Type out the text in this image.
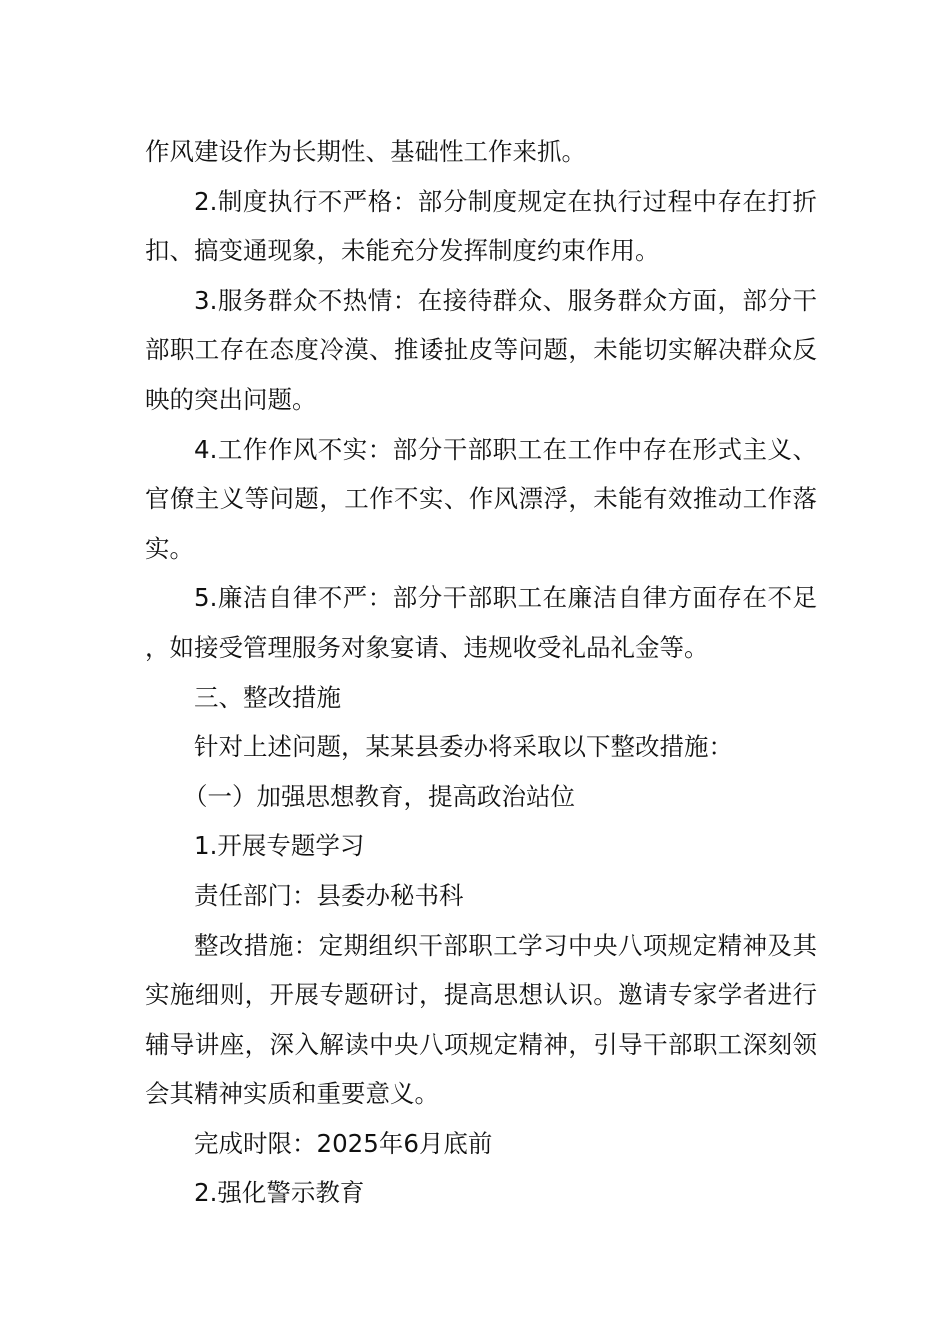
作风建设作为长期性、基础性工作来抓。

2.制度执行不严格：部分制度规定在执行过程中存在打折扣、搞变通现象，未能充分发挥制度约束作用。

3.服务群众不热情：在接待群众、服务群众方面，部分干部职工存在态度冷漠、推诿扯皮等问题，未能切实解决群众反映的突出问题。

4.工作作风不实：部分干部职工在工作中存在形式主义、官僚主义等问题，工作不实、作风漂浮，未能有效推动工作落实。

5.廉洁自律不严：部分干部职工在廉洁自律方面存在不足，如接受管理服务对象宴请、违规收受礼品礼金等。

三、整改措施

针对上述问题，某某县委办将采取以下整改措施：

（一）加强思想教育，提高政治站位

1.开展专题学习

责任部门：县委办秘书科

整改措施：定期组织干部职工学习中央八项规定精神及其实施细则，开展专题研讨，提高思想认识。邀请专家学者进行辅导讲座，深入解读中央八项规定精神，引导干部职工深刻领会其精神实质和重要意义。

完成时限：2025年6月底前

2.强化警示教育
